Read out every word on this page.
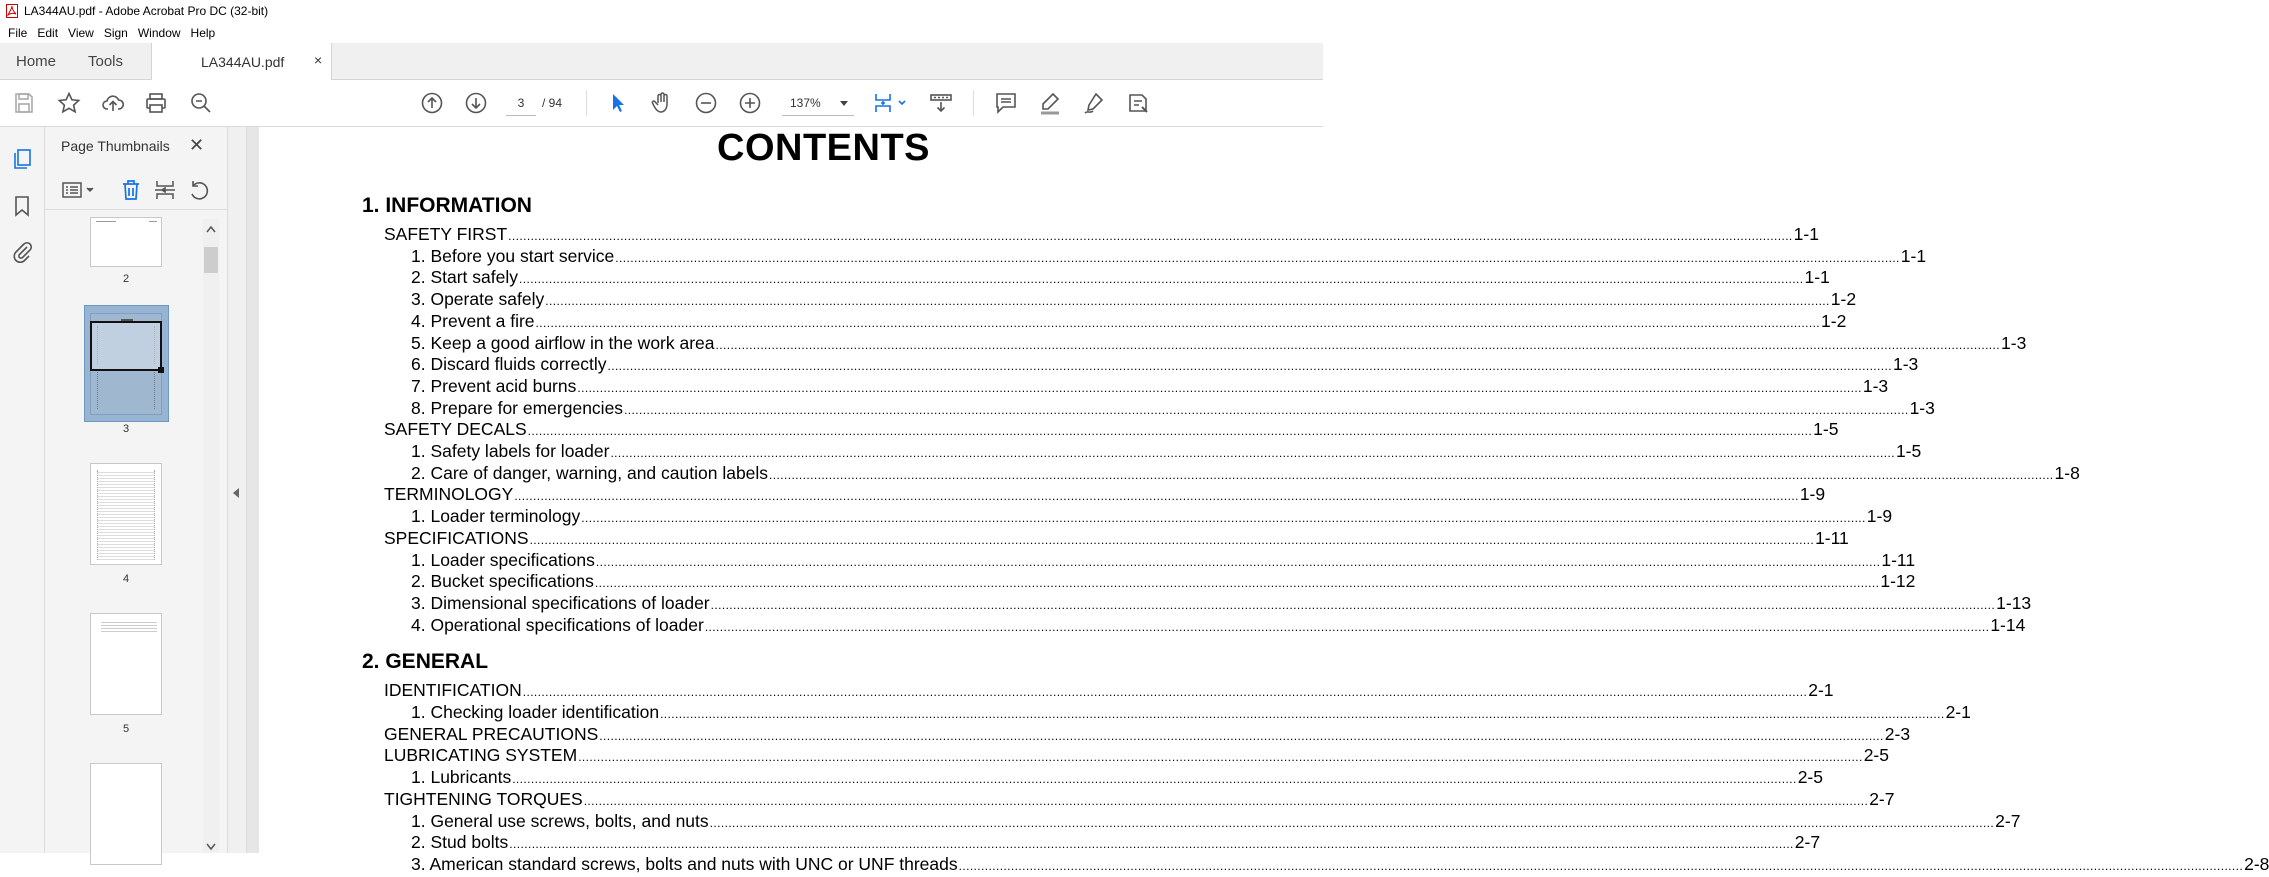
LA344AU.pdf - Adobe Acrobat Pro DC (32-bit)
File Edit View Sign Window Help
Home Tools	LA344AU.pdf ×
3	/ 94	137%
Page Thumbnails ✕
2
3
4
5
CONTENTS
1. INFORMATION
SAFETY FIRST .....	1-1
1. Before you start service .....	1-1
2. Start safely .....	1-1
3. Operate safely .....	1-2
4. Prevent a fire .....	1-2
5. Keep a good airflow in the work area .....	1-3
6. Discard fluids correctly .....	1-3
7. Prevent acid burns .....	1-3
8. Prepare for emergencies .....	1-3
SAFETY DECALS .....	1-5
1. Safety labels for loader .....	1-5
2. Care of danger, warning, and caution labels .....	1-8
TERMINOLOGY .....	1-9
1. Loader terminology .....	1-9
SPECIFICATIONS .....	1-11
1. Loader specifications .....	1-11
2. Bucket specifications .....	1-12
3. Dimensional specifications of loader .....	1-13
4. Operational specifications of loader .....	1-14
2. GENERAL
IDENTIFICATION .....	2-1
1. Checking loader identification .....	2-1
GENERAL PRECAUTIONS .....	2-3
LUBRICATING SYSTEM .....	2-5
1. Lubricants .....	2-5
TIGHTENING TORQUES .....	2-7
1. General use screws, bolts, and nuts .....	2-7
2. Stud bolts .....	2-7
3. American standard screws, bolts and nuts with UNC or UNF threads .....	2-8
